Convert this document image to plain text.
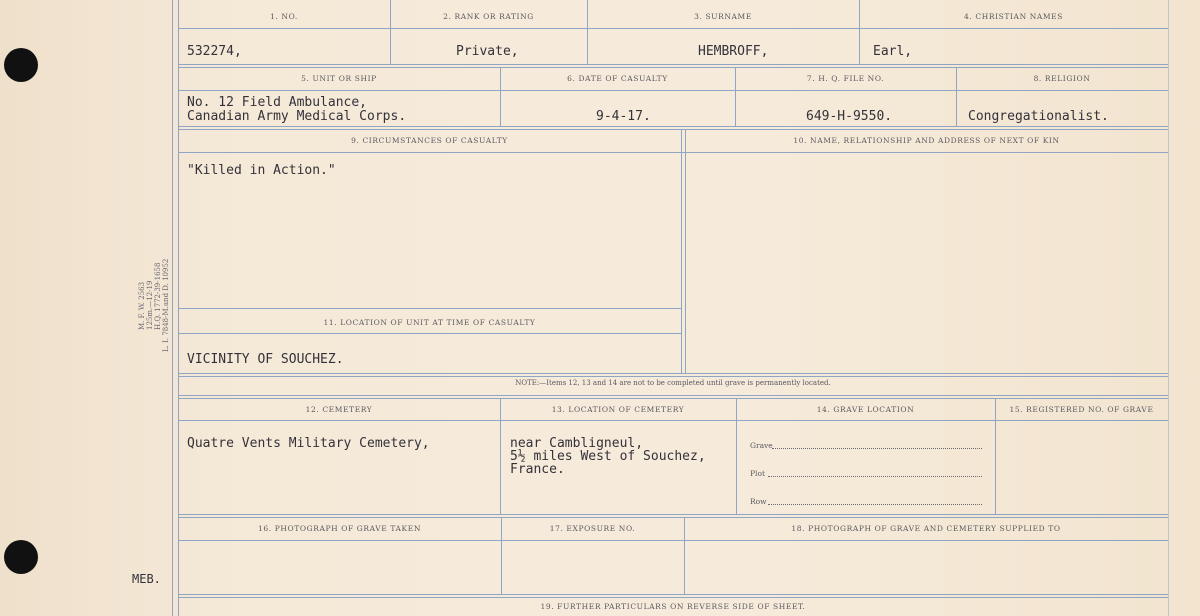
M. F. W. 2563 125m.—12-19 H.Q. 1772-39-1658 L. I. 7848-M.and D. 10952
MEB.
1. NO.	2. RANK OR RATING	3. SURNAME	4. CHRISTIAN NAMES
532274,	Private,	HEMBROFF,	Earl,
5. UNIT OR SHIP	6. DATE OF CASUALTY	7. H. Q. FILE NO.	8. RELIGION
No. 12 Field Ambulance,
Canadian Army Medical Corps.	9-4-17.	649-H-9550.	Congregationalist.
9. CIRCUMSTANCES OF CASUALTY	10. NAME, RELATIONSHIP AND ADDRESS OF NEXT OF KIN
"Killed in Action."
11. LOCATION OF UNIT AT TIME OF CASUALTY
VICINITY OF SOUCHEZ.
NOTE:—Items 12, 13 and 14 are not to be completed until grave is permanently located.
12. CEMETERY	13. LOCATION OF CEMETERY	14. GRAVE LOCATION	15. REGISTERED NO. OF GRAVE
Quatre Vents Military Cemetery,	near Cambligneul,
5½ miles West of Souchez,
France.
Grave
Plot
Row
16. PHOTOGRAPH OF GRAVE TAKEN	17. EXPOSURE NO.	18. PHOTOGRAPH OF GRAVE AND CEMETERY SUPPLIED TO
19. FURTHER PARTICULARS ON REVERSE SIDE OF SHEET.
